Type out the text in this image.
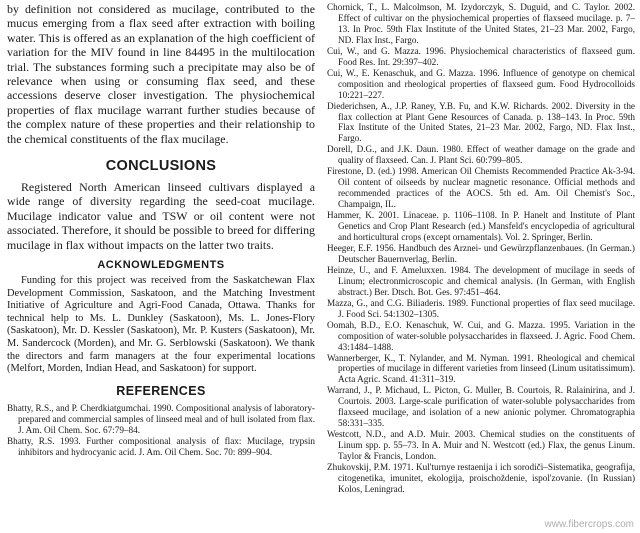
by definition not considered as mucilage, contributed to the mucus emerging from a flax seed after extraction with boiling water. This is offered as an explanation of the high coefficient of variation for the MIV found in line 84495 in the multilocation trial. The substances forming such a precipitate may also be of relevance when using or consuming flax seed, and these accessions deserve closer investigation. The physiochemical properties of flax mucilage warrant further studies because of the complex nature of these properties and their relationship to the chemical constituents of the flax mucilage.

CONCLUSIONS

Registered North American linseed cultivars displayed a wide range of diversity regarding the seed-coat mucilage. Mucilage indicator value and TSW or oil content were not associated. Therefore, it should be possible to breed for differing mucilage in flax without impacts on the latter two traits.

ACKNOWLEDGMENTS

Funding for this project was received from the Saskatchewan Flax Development Commission, Saskatoon, and the Matching Investment Initiative of Agriculture and Agri-Food Canada, Ottawa. Thanks for technical help to Ms. L. Dunkley (Saskatoon), Ms. L. Jones-Flory (Saskatoon), Mr. D. Kessler (Saskatoon), Mr. P. Kusters (Saskatoon), Mr. M. Sandercock (Morden), and Mr. G. Serblowski (Saskatoon). We thank the directors and farm managers at the four experimental locations (Melfort, Morden, Indian Head, and Saskatoon) for support.

REFERENCES
Bhatty, R.S., and P. Cherdkiatgumchai. 1990. Compositional analysis of laboratory-prepared and commercial samples of linseed meal and of hull isolated from flax. J. Am. Oil Chem. Soc. 67:79–84.
Bhatty, R.S. 1993. Further compositional analysis of flax: Mucilage, trypsin inhibitors and hydrocyanic acid. J. Am. Oil Chem. Soc. 70: 899–904.
Chornick, T., L. Malcolmson, M. Izydorczyk, S. Duguid, and C. Taylor. 2002. Effect of cultivar on the physiochemical properties of flaxseed mucilage. p. 7–13. In Proc. 59th Flax Institute of the United States, 21–23 Mar. 2002, Fargo, ND. Flax Inst., Fargo.
Cui, W., and G. Mazza. 1996. Physiochemical characteristics of flaxseed gum. Food Res. Int. 29:397–402.
Cui, W., E. Kenaschuk, and G. Mazza. 1996. Influence of genotype on chemical composition and rheological properties of flaxseed gum. Food Hydrocolloids 10:221–227.
Diederichsen, A., J.P. Raney, Y.B. Fu, and K.W. Richards. 2002. Diversity in the flax collection at Plant Gene Resources of Canada. p. 138–143. In Proc. 59th Flax Institute of the United States, 21–23 Mar. 2002, Fargo, ND. Flax Inst., Fargo.
Dorell, D.G., and J.K. Daun. 1980. Effect of weather damage on the grade and quality of flaxseed. Can. J. Plant Sci. 60:799–805.
Firestone, D. (ed.) 1998. American Oil Chemists Recommended Practice Ak-3-94. Oil content of oilseeds by nuclear magnetic resonance. Official methods and recommended practices of the AOCS. 5th ed. Am. Oil Chemist's Soc., Champaign, IL.
Hammer, K. 2001. Linaceae. p. 1106–1108. In P. Hanelt and Institute of Plant Genetics and Crop Plant Research (ed.) Mansfeld's encyclopedia of agricultural and horticultural crops (except ornamentals). Vol. 2. Springer, Berlin.
Heeger, E.F. 1956. Handbuch des Arznei- und Gewürzpflanzenbaues. (In German.) Deutscher Bauernverlag, Berlin.
Heinze, U., and F. Ameluxxen. 1984. The development of mucilage in seeds of Linum; electronmicroscopic and chemical analysis. (In German, with English abstract.) Ber. Dtsch. Bot. Ges. 97:451–464.
Mazza, G., and C.G. Biliaderis. 1989. Functional properties of flax seed mucilage. J. Food Sci. 54:1302–1305.
Oomah, B.D., E.O. Kenaschuk, W. Cui, and G. Mazza. 1995. Variation in the composition of water-soluble polysaccharides in flaxseed. J. Agric. Food Chem. 43:1484–1488.
Wannerberger, K., T. Nylander, and M. Nyman. 1991. Rheological and chemical properties of mucilage in different varieties from linseed (Linum usitatissimum). Acta Agric. Scand. 41:311–319.
Warrand, J., P. Michaud, L. Picton, G. Muller, B. Courtois, R. Ralainirina, and J. Courtois. 2003. Large-scale purification of water-soluble polysaccharides from flaxseed mucilage, and isolation of a new anionic polymer. Chromatographia 58:331–335.
Westcott, N.D., and A.D. Muir. 2003. Chemical studies on the constituents of Linum spp. p. 55–73. In A. Muir and N. Westcott (ed.) Flax, the genus Linum. Taylor & Francis, London.
Zhukovskij, P.M. 1971. Kul'turnye restaenija i ich sorodiči–Sistematika, geografija, citogenetika, imunitet, ekologija, proischoždenie, ispol'zovanie. (In Russian) Kolos, Leningrad.
www.fibercrops.com
